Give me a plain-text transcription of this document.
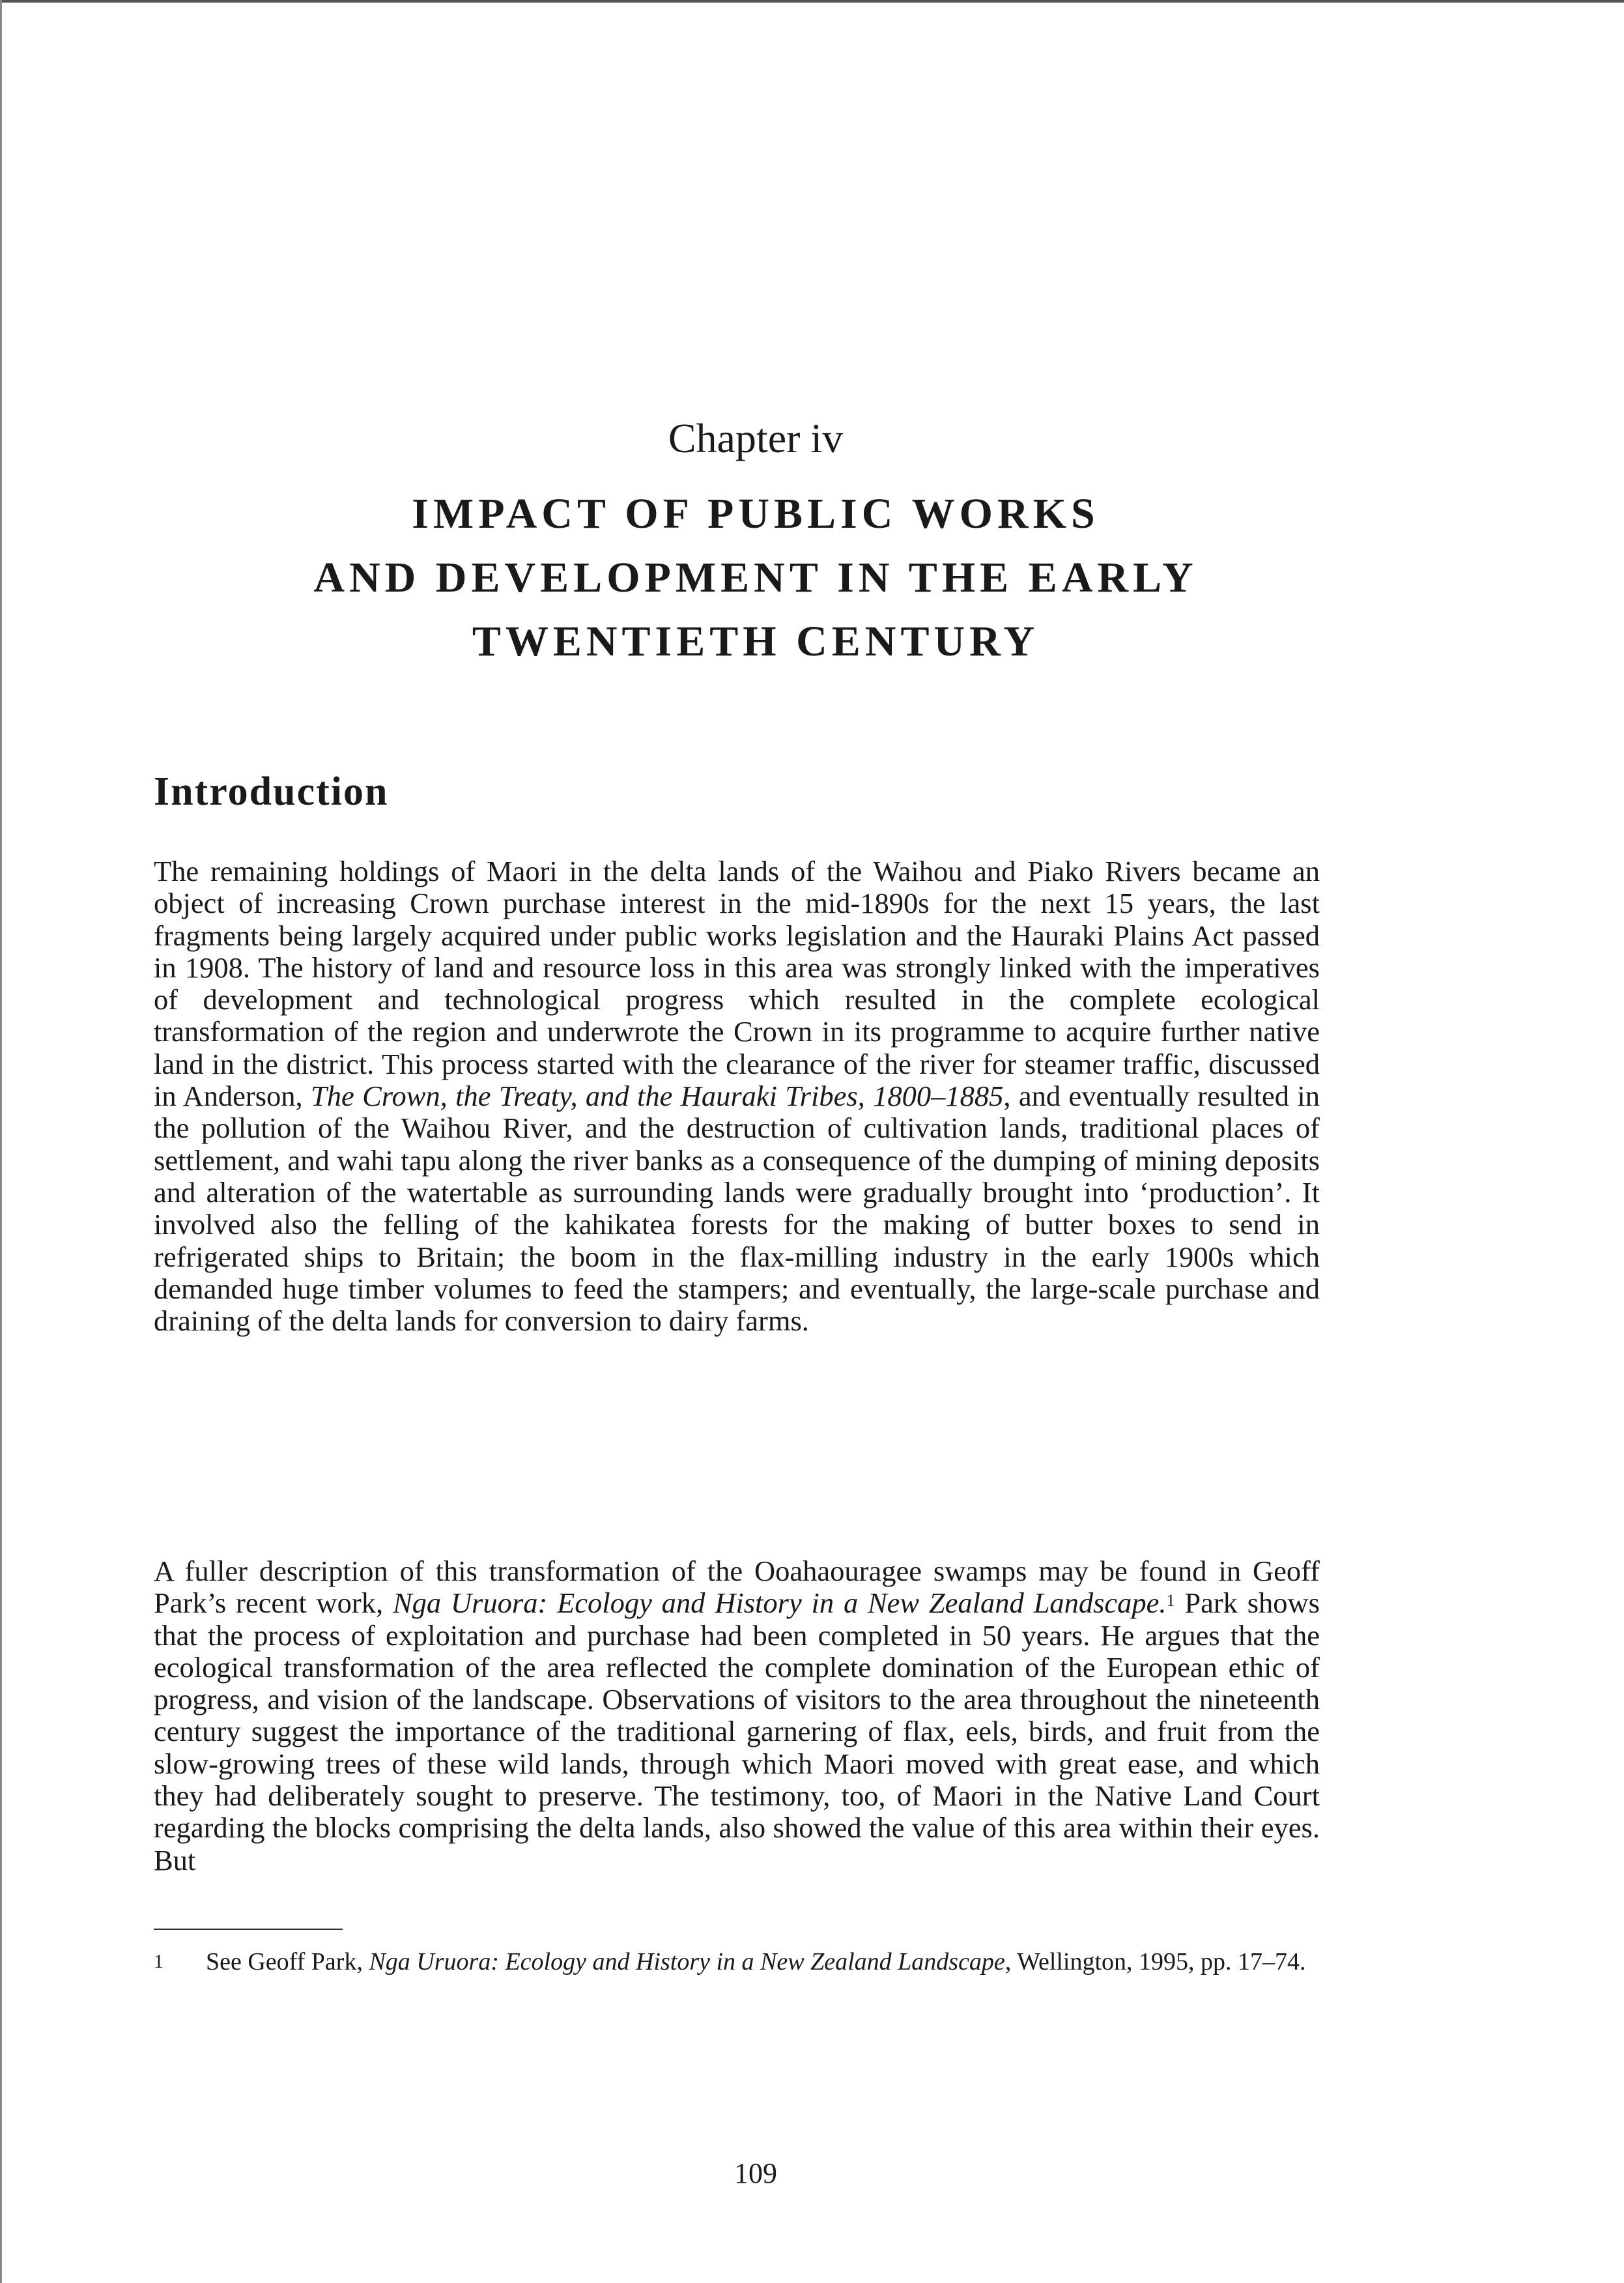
Chapter iv
IMPACT OF PUBLIC WORKS
AND DEVELOPMENT IN THE EARLY
TWENTIETH CENTURY
Introduction

The remaining holdings of Maori in the delta lands of the Waihou and Piako Rivers became an object of increasing Crown purchase interest in the mid-1890s for the next 15 years, the last fragments being largely acquired under public works legislation and the Hauraki Plains Act passed in 1908. The history of land and resource loss in this area was strongly linked with the imperatives of development and technological progress which resulted in the complete ecological transformation of the region and underwrote the Crown in its programme to acquire further native land in the district. This process started with the clearance of the river for steamer traffic, discussed in Anderson, The Crown, the Treaty, and the Hauraki Tribes, 1800–1885, and eventually resulted in the pollution of the Waihou River, and the destruction of cultivation lands, traditional places of settlement, and wahi tapu along the river banks as a consequence of the dumping of mining deposits and alteration of the watertable as surrounding lands were gradually brought into ‘production’. It involved also the felling of the kahikatea forests for the making of butter boxes to send in refrigerated ships to Britain; the boom in the flax-milling industry in the early 1900s which demanded huge timber volumes to feed the stampers; and eventually, the large-scale purchase and draining of the delta lands for conversion to dairy farms.

A fuller description of this transformation of the Ooahaouragee swamps may be found in Geoff Park’s recent work, Nga Uruora: Ecology and History in a New Zealand Landscape.$^1$ Park shows that the process of exploitation and purchase had been completed in 50 years. He argues that the ecological transformation of the area reflected the complete domination of the European ethic of progress, and vision of the landscape. Observations of visitors to the area throughout the nineteenth century suggest the importance of the traditional garnering of flax, eels, birds, and fruit from the slow-growing trees of these wild lands, through which Maori moved with great ease, and which they had deliberately sought to preserve. The testimony, too, of Maori in the Native Land Court regarding the blocks comprising the delta lands, also showed the value of this area within their eyes. But

1 See Geoff Park, Nga Uruora: Ecology and History in a New Zealand Landscape, Wellington, 1995, pp. 17–74.
109
